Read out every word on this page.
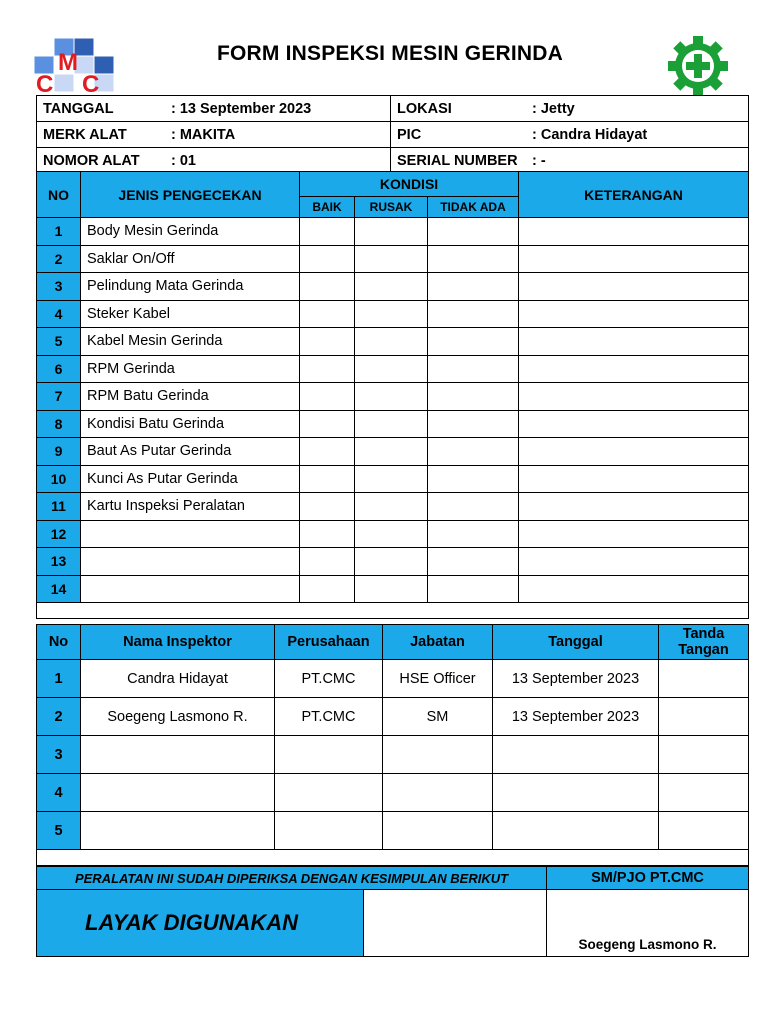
C
M
C
FORM INSPEKSI MESIN GERINDA
TANGGAL : 13 September 2023	LOKASI : Jetty
MERK ALAT : MAKITA	PIC : Candra Hidayat
NOMOR ALAT : 01	SERIAL NUMBER : -
NO	JENIS PENGECEKAN	KONDISI			KETERANGAN
		BAIK	RUSAK	TIDAK ADA	
1	Body Mesin Gerinda				
2	Saklar On/Off				
3	Pelindung Mata Gerinda				
4	Steker Kabel				
5	Kabel Mesin Gerinda				
6	RPM Gerinda				
7	RPM Batu Gerinda				
8	Kondisi Batu Gerinda				
9	Baut As Putar Gerinda				
10	Kunci As Putar Gerinda				
11	Kartu Inspeksi Peralatan				
12					
13					
14					

No	Nama Inspektor	Perusahaan	Jabatan	Tanggal	Tanda
Tangan
1	Candra Hidayat	PT.CMC	HSE Officer	13 September 2023	
2	Soegeng Lasmono R.	PT.CMC	SM	13 September 2023	
3					
4					
5					

PERALATAN INI SUDAH DIPERIKSA DENGAN KESIMPULAN BERIKUT		SM/PJO PT.CMC
LAYAK DIGUNAKAN		Soegeng Lasmono R.
